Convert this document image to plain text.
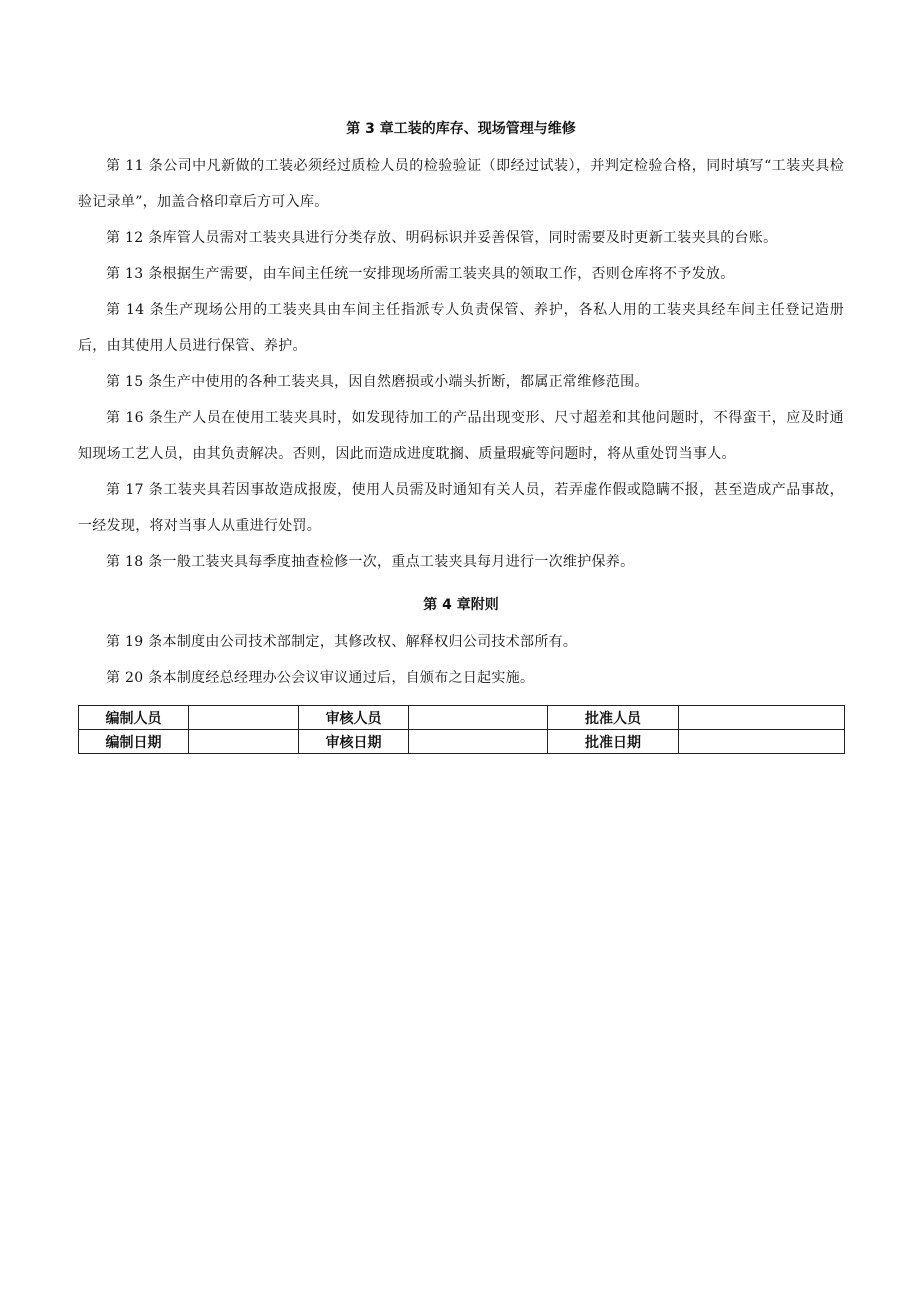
第 3 章工装的库存、现场管理与维修

第 11 条公司中凡新做的工装必须经过质检人员的检验验证（即经过试装），并判定检验合格，同时填写“工装夹具检验记录单”，加盖合格印章后方可入库。

第 12 条库管人员需对工装夹具进行分类存放、明码标识并妥善保管，同时需要及时更新工装夹具的台账。

第 13 条根据生产需要，由车间主任统一安排现场所需工装夹具的领取工作，否则仓库将不予发放。

第 14 条生产现场公用的工装夹具由车间主任指派专人负责保管、养护，各私人用的工装夹具经车间主任登记造册后，由其使用人员进行保管、养护。

第 15 条生产中使用的各种工装夹具，因自然磨损或小端头折断，都属正常维修范围。

第 16 条生产人员在使用工装夹具时，如发现待加工的产品出现变形、尺寸超差和其他问题时，不得蛮干，应及时通知现场工艺人员，由其负责解决。否则，因此而造成进度耽搁、质量瑕疵等问题时，将从重处罚当事人。

第 17 条工装夹具若因事故造成报废，使用人员需及时通知有关人员，若弄虚作假或隐瞒不报，甚至造成产品事故，一经发现，将对当事人从重进行处罚。

第 18 条一般工装夹具每季度抽查检修一次，重点工装夹具每月进行一次维护保养。

第 4 章附则

第 19 条本制度由公司技术部制定，其修改权、解释权归公司技术部所有。

第 20 条本制度经总经理办公会议审议通过后，自颁布之日起实施。

编制人员		审核人员		批准人员	
编制日期		审核日期		批准日期	
